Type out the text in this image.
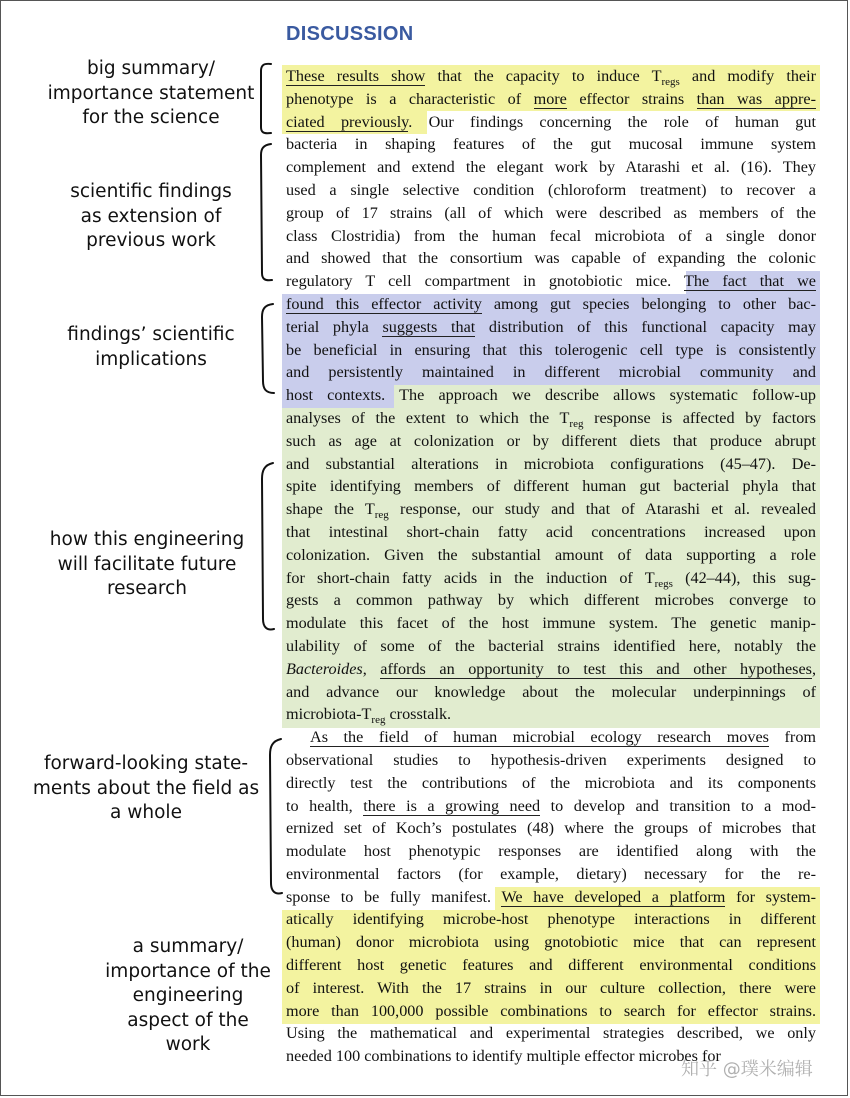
DISCUSSION
These results show that the capacity to induce $T_{regs}$ and modify their
phenotype is a characteristic of more effector strains than was appre-
ciated previously. Our findings concerning the role of human gut
bacteria in shaping features of the gut mucosal immune system
complement and extend the elegant work by Atarashi et al. (16). They
used a single selective condition (chloroform treatment) to recover a
group of 17 strains (all of which were described as members of the
class Clostridia) from the human fecal microbiota of a single donor
and showed that the consortium was capable of expanding the colonic
regulatory T cell compartment in gnotobiotic mice. The fact that we
found this effector activity among gut species belonging to other bac-
terial phyla suggests that distribution of this functional capacity may
be beneficial in ensuring that this tolerogenic cell type is consistently
and persistently maintained in different microbial community and
host contexts. The approach we describe allows systematic follow-up
analyses of the extent to which the $T_{reg}$ response is affected by factors
such as age at colonization or by different diets that produce abrupt
and substantial alterations in microbiota configurations (45–47). De-
spite identifying members of different human gut bacterial phyla that
shape the $T_{reg}$ response, our study and that of Atarashi et al. revealed
that intestinal short-chain fatty acid concentrations increased upon
colonization. Given the substantial amount of data supporting a role
for short-chain fatty acids in the induction of $T_{regs}$ (42–44), this sug-
gests a common pathway by which different microbes converge to
modulate this facet of the host immune system. The genetic manip-
ulability of some of the bacterial strains identified here, notably the
Bacteroides, affords an opportunity to test this and other hypotheses,
and advance our knowledge about the molecular underpinnings of
microbiota-$T_{reg}$ crosstalk.
As the field of human microbial ecology research moves from
observational studies to hypothesis-driven experiments designed to
directly test the contributions of the microbiota and its components
to health, there is a growing need to develop and transition to a mod-
ernized set of Koch’s postulates (48) where the groups of microbes that
modulate host phenotypic responses are identified along with the
environmental factors (for example, dietary) necessary for the re-
sponse to be fully manifest. We have developed a platform for system-
atically identifying microbe-host phenotype interactions in different
(human) donor microbiota using gnotobiotic mice that can represent
different host genetic features and different environmental conditions
of interest. With the 17 strains in our culture collection, there were
more than 100,000 possible combinations to search for effector strains.
Using the mathematical and experimental strategies described, we only
needed 100 combinations to identify multiple effector microbes for
big summary/
importance statement
for the science
scientific findings
as extension of
previous work
findings’ scientific
implications
how this engineering
will facilitate future
research
forward-looking state-
ments about the field as
a whole
a summary/
importance of the
engineering
aspect of the
work
知乎 @璞米编辑
